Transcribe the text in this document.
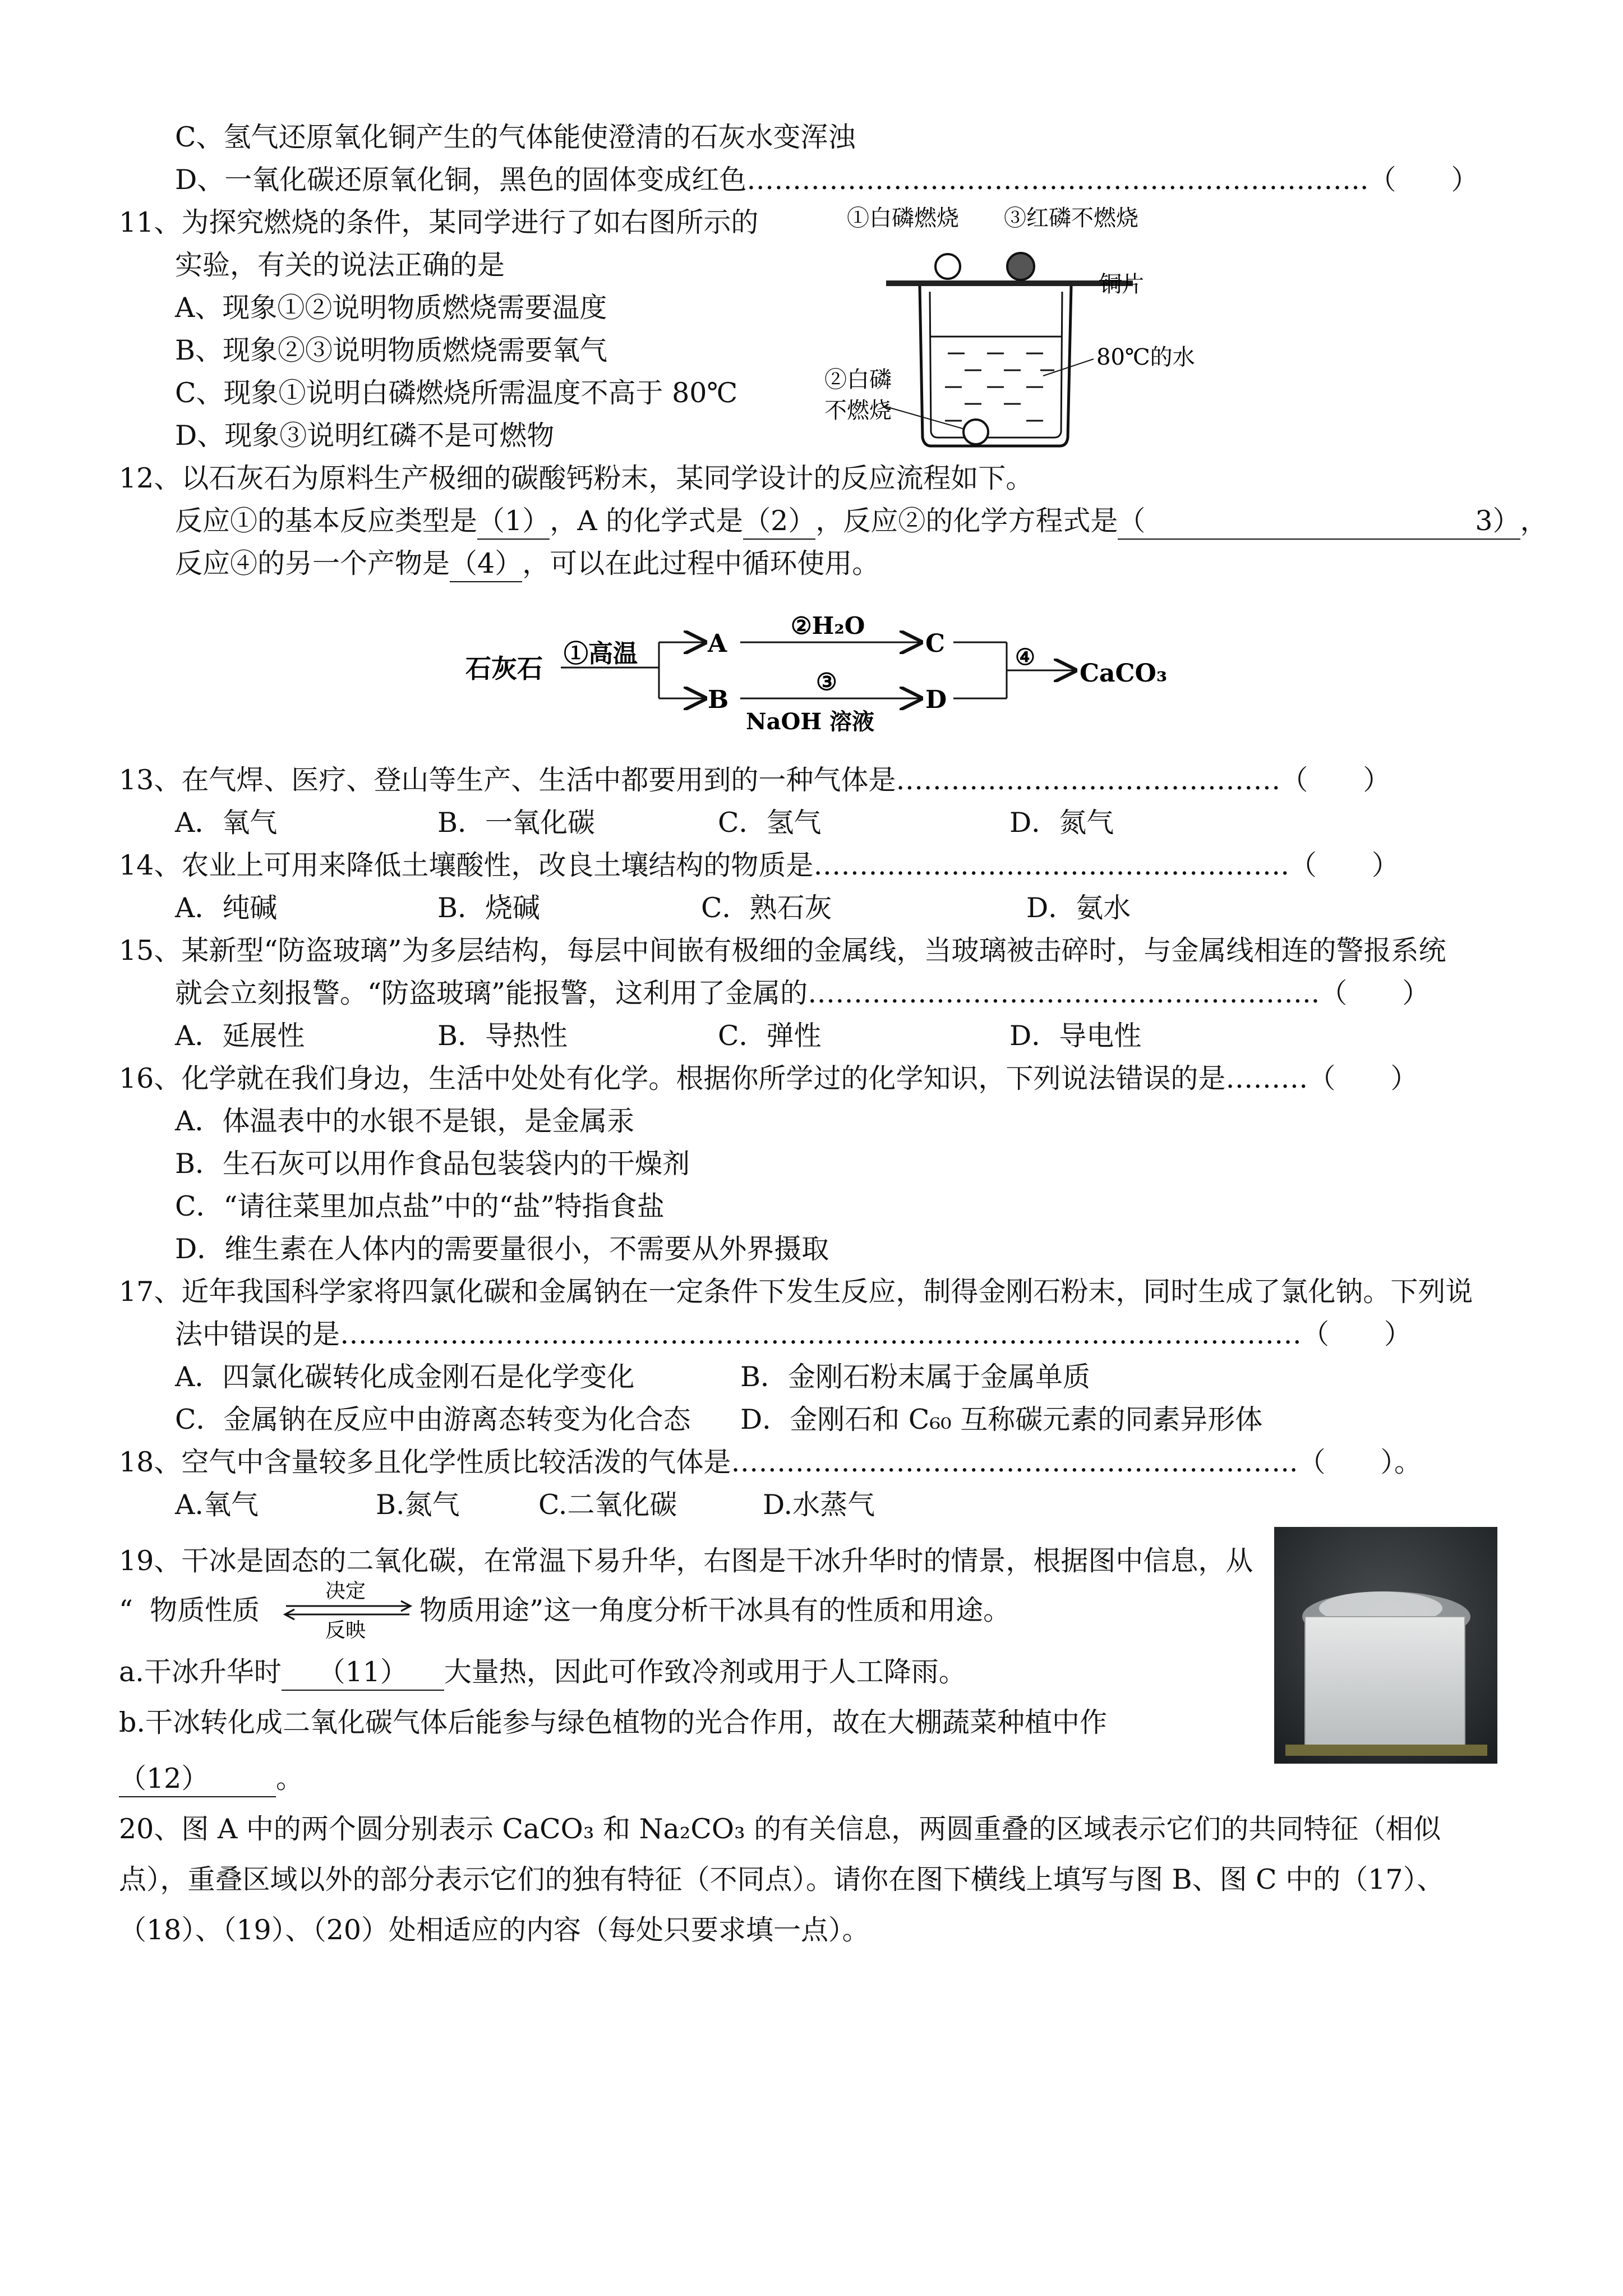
C、氢气还原氧化铜产生的气体能使澄清的石灰水变浑浊
D、一氧化碳还原氧化铜，黑色的固体变成红色…………………………………………………………..（　　）
11、为探究燃烧的条件，某同学进行了如右图所示的
实验，有关的说法正确的是
A、现象①②说明物质燃烧需要温度
B、现象②③说明物质燃烧需要氧气
C、现象①说明白磷燃烧所需温度不高于 80℃
D、现象③说明红磷不是可燃物
①白磷燃烧 ③红磷不燃烧
铜片
80℃的水
②白磷
不燃烧
12、以石灰石为原料生产极细的碳酸钙粉末，某同学设计的反应流程如下。
反应①的基本反应类型是（1），A 的化学式是（2），反应②的化学方程式是（　　　　　　　　　　　　3），
反应④的另一个产物是（4），可以在此过程中循环使用。
石灰石 ①高温	A
B
②H₂O
③
NaOH 溶液
C
D
④
CaCO₃
13、在气焊、医疗、登山等生产、生活中都要用到的一种气体是……………………………………（　　）
A．氧气	B．一氧化碳	C．氢气	D．氮气
14、农业上可用来降低土壤酸性，改良土壤结构的物质是…………………………………………….（　　）
A．纯碱	B．烧碱	C．熟石灰	D．氨水
15、某新型“防盗玻璃”为多层结构，每层中间嵌有极细的金属线，当玻璃被击碎时，与金属线相连的警报系统
就会立刻报警。“防盗玻璃”能报警，这利用了金属的………………………………………………..（　　）
A．延展性	B．导热性	C．弹性	D．导电性
16、化学就在我们身边，生活中处处有化学。根据你所学过的化学知识，下列说法错误的是………（　　）
A．体温表中的水银不是银，是金属汞
B．生石灰可以用作食品包装袋内的干燥剂
C．“请往菜里加点盐”中的“盐”特指食盐
D．维生素在人体内的需要量很小，不需要从外界摄取
17、近年我国科学家将四氯化碳和金属钠在一定条件下发生反应，制得金刚石粉末，同时生成了氯化钠。下列说
法中错误的是……………………………………………………………………………………………（　　）
A．四氯化碳转化成金刚石是化学变化	B．金刚石粉末属于金属单质
C．金属钠在反应中由游离态转变为化合态 D．金刚石和 C₆₀ 互称碳元素的同素异形体
18、空气中含量较多且化学性质比较活泼的气体是……………………………………………………..（　　）。
A.氧气	B.氮气	C.二氧化碳	D.水蒸气
19、干冰是固态的二氧化碳，在常温下易升华，右图是干冰升华时的情景，根据图中信息，从
“ 物质性质
决定
反映
物质用途”这一角度分析干冰具有的性质和用途。
a.干冰升华时 （11） 大量热，因此可作致冷剂或用于人工降雨。
b.干冰转化成二氧化碳气体后能参与绿色植物的光合作用，故在大棚蔬菜种植中作
（12） 。
20、图 A 中的两个圆分别表示 CaCO₃ 和 Na₂CO₃ 的有关信息，两圆重叠的区域表示它们的共同特征（相似
点），重叠区域以外的部分表示它们的独有特征（不同点）。请你在图下横线上填写与图 B、图 C 中的（17）、
（18）、（19）、（20）处相适应的内容（每处只要求填一点）。
